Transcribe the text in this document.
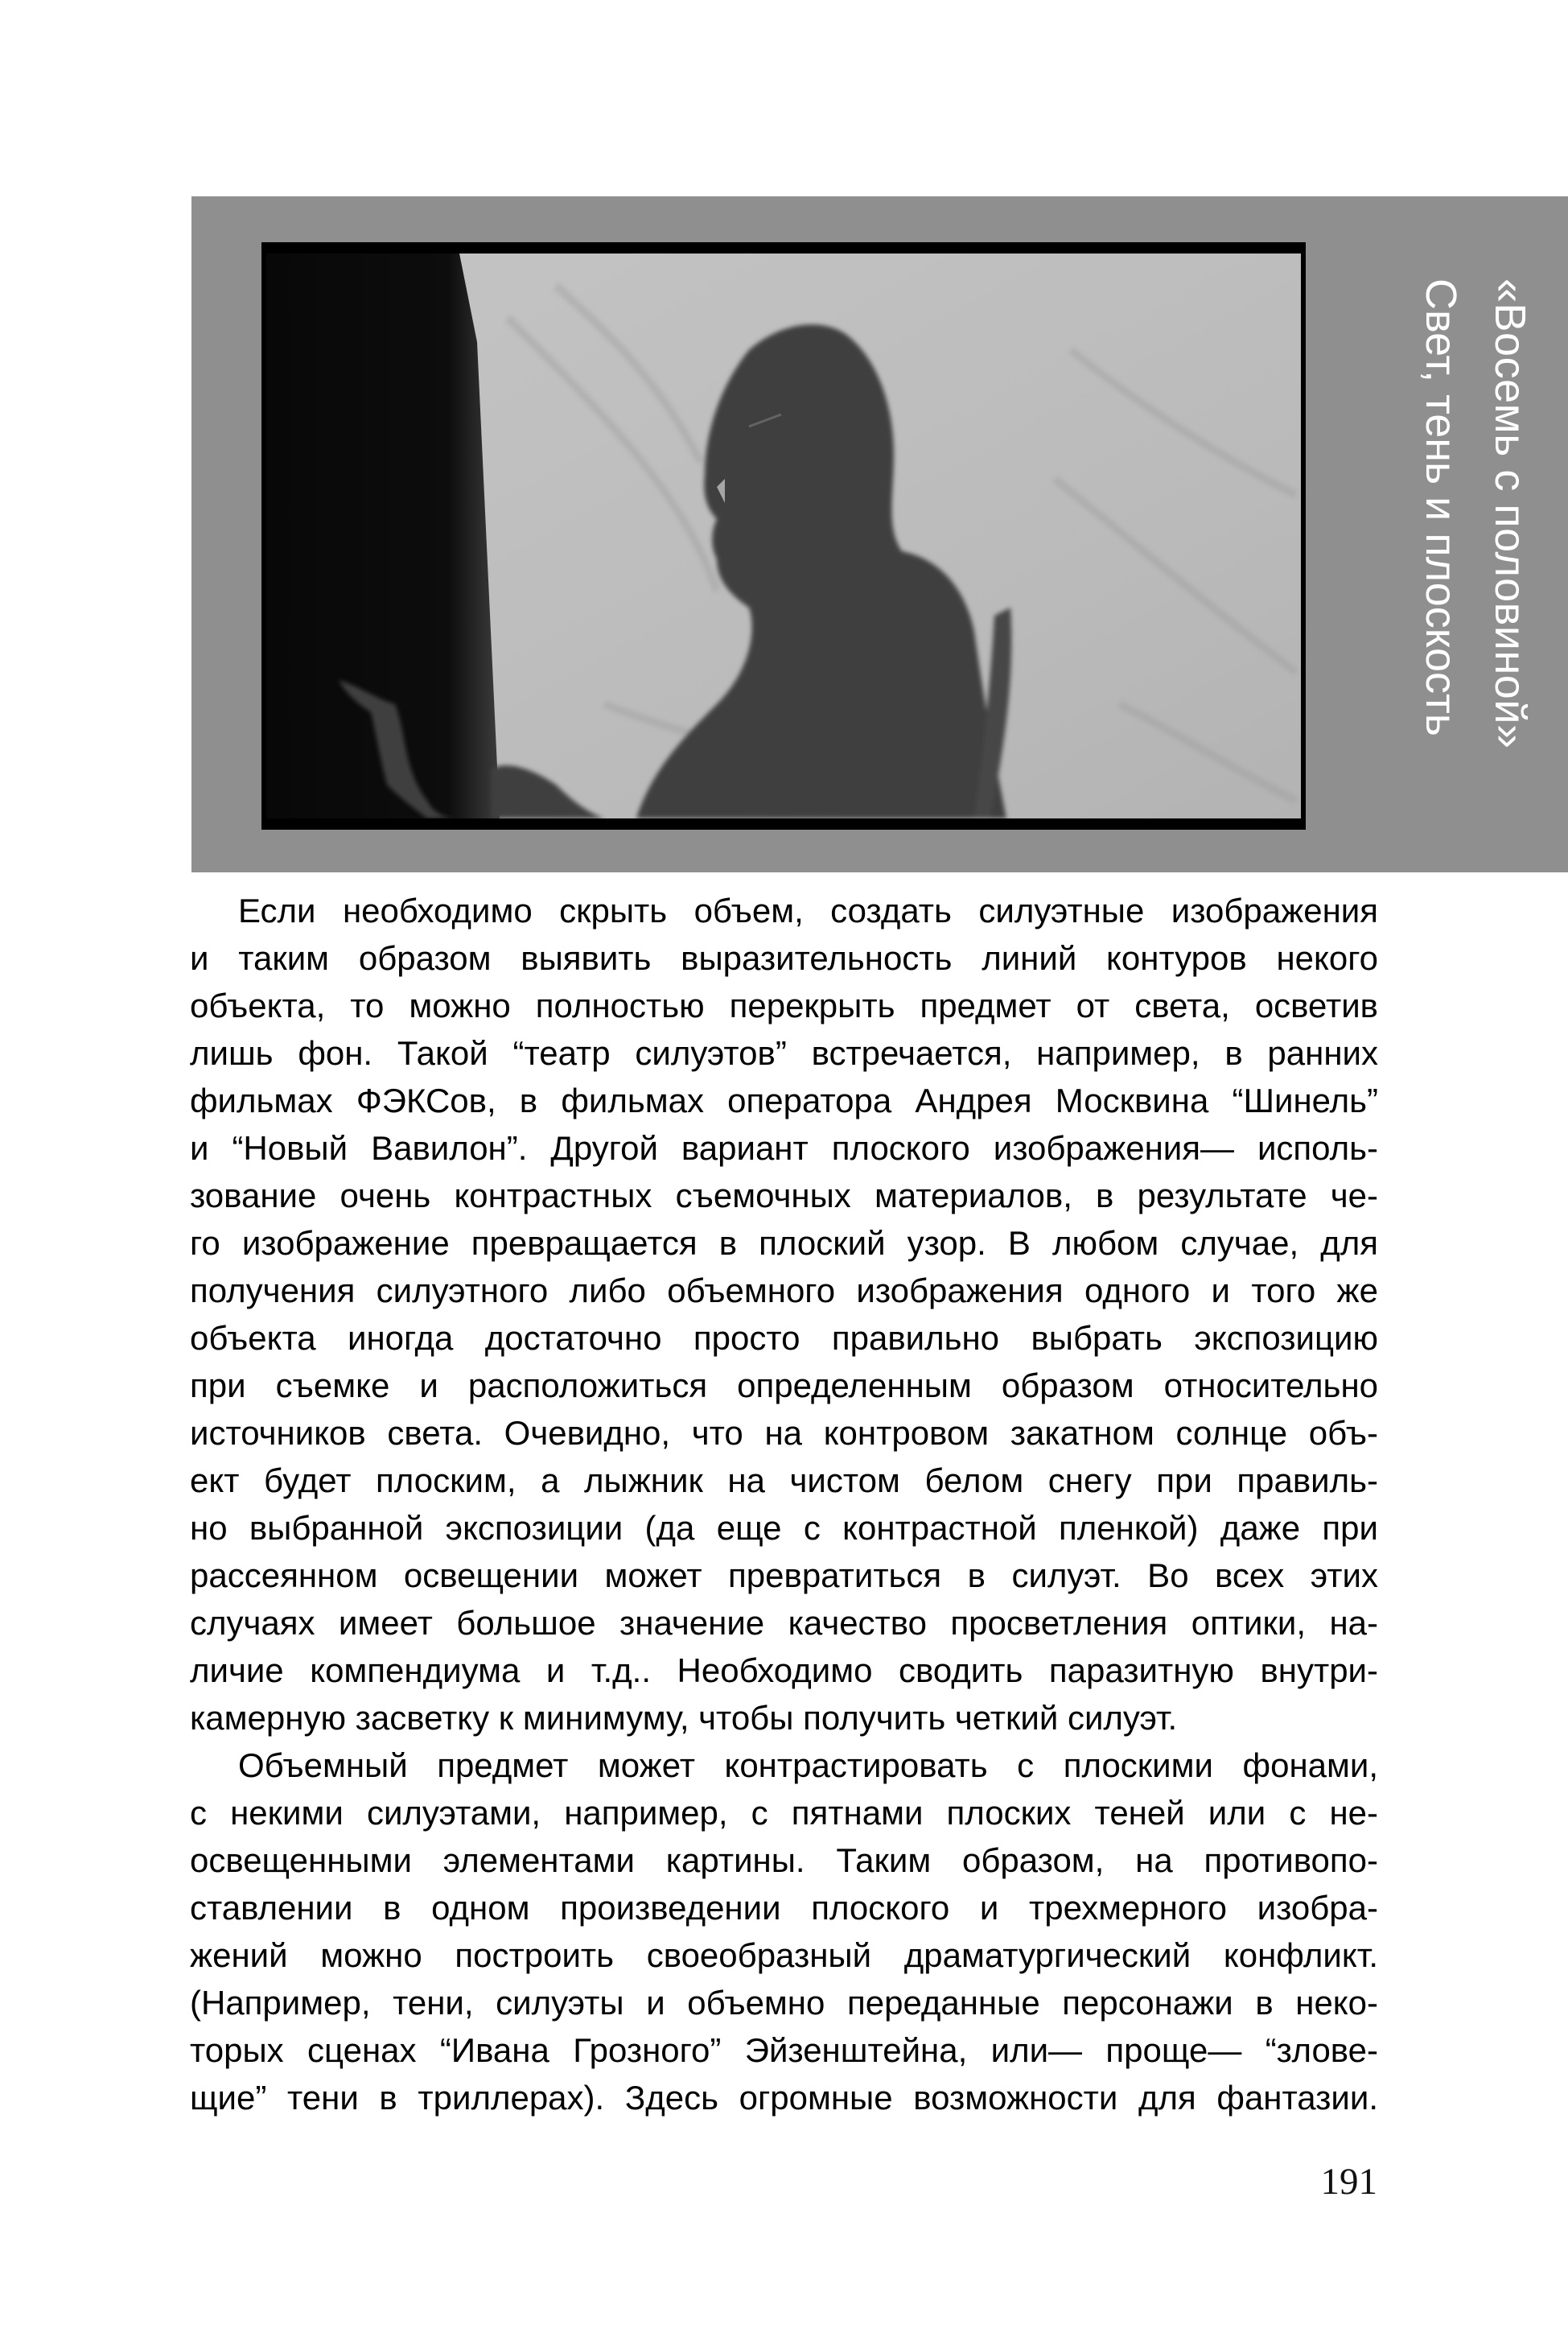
«Восемь с половиной»
Свет, тень и плоскость
Если необходимо скрыть объем, создать силуэтные изображения
и таким образом выявить выразительность линий контуров некого
объекта, то можно полностью перекрыть предмет от света, осветив
лишь фон. Такой “театр силуэтов” встречается, например, в ранних
фильмах ФЭКСов, в фильмах оператора Андрея Москвина “Шинель”
и “Новый Вавилон”. Другой вариант плоского изображения— исполь-
зование очень контрастных съемочных материалов, в результате че-
го изображение превращается в плоский узор. В любом случае, для
получения силуэтного либо объемного изображения одного и того же
объекта иногда достаточно просто правильно выбрать экспозицию
при съемке и расположиться определенным образом относительно
источников света. Очевидно, что на контровом закатном солнце объ-
ект будет плоским, а лыжник на чистом белом снегу при правиль-
но выбранной экспозиции (да еще с контрастной пленкой) даже при
рассеянном освещении может превратиться в силуэт. Во всех этих
случаях имеет большое значение качество просветления оптики, на-
личие компендиума и т.д.. Необходимо сводить паразитную внутри-
камерную засветку к минимуму, чтобы получить четкий силуэт.
Объемный предмет может контрастировать с плоскими фонами,
с некими силуэтами, например, с пятнами плоских теней или с не-
освещенными элементами картины. Таким образом, на противопо-
ставлении в одном произведении плоского и трехмерного изобра-
жений можно построить своеобразный драматургический конфликт.
(Например, тени, силуэты и объемно переданные персонажи в неко-
торых сценах “Ивана Грозного” Эйзенштейна, или— проще— “злове-
щие” тени в триллерах). Здесь огромные возможности для фантазии.
191
